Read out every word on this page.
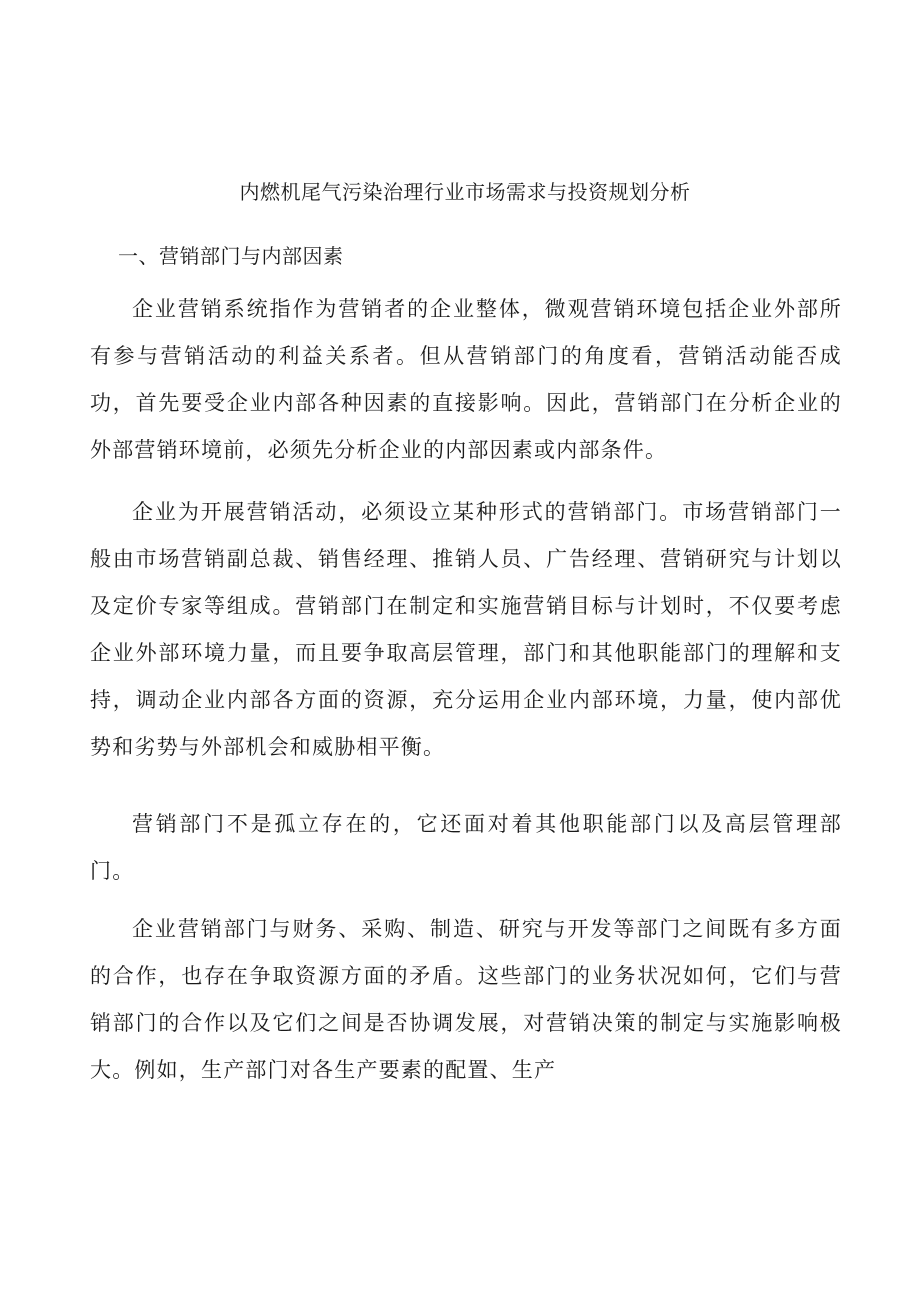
内燃机尾气污染治理行业市场需求与投资规划分析
一、营销部门与内部因素

企业营销系统指作为营销者的企业整体，微观营销环境包括企业外部所有参与营销活动的利益关系者。但从营销部门的角度看，营销活动能否成功，首先要受企业内部各种因素的直接影响。因此，营销部门在分析企业的外部营销环境前，必须先分析企业的内部因素或内部条件。

企业为开展营销活动，必须设立某种形式的营销部门。市场营销部门一般由市场营销副总裁、销售经理、推销人员、广告经理、营销研究与计划以及定价专家等组成。营销部门在制定和实施营销目标与计划时，不仅要考虑企业外部环境力量，而且要争取高层管理，部门和其他职能部门的理解和支持，调动企业内部各方面的资源，充分运用企业内部环境，力量，使内部优势和劣势与外部机会和威胁相平衡。

营销部门不是孤立存在的，它还面对着其他职能部门以及高层管理部门。

企业营销部门与财务、采购、制造、研究与开发等部门之间既有多方面的合作，也存在争取资源方面的矛盾。这些部门的业务状况如何，它们与营销部门的合作以及它们之间是否协调发展，对营销决策的制定与实施影响极大。例如，生产部门对各生产要素的配置、生产
